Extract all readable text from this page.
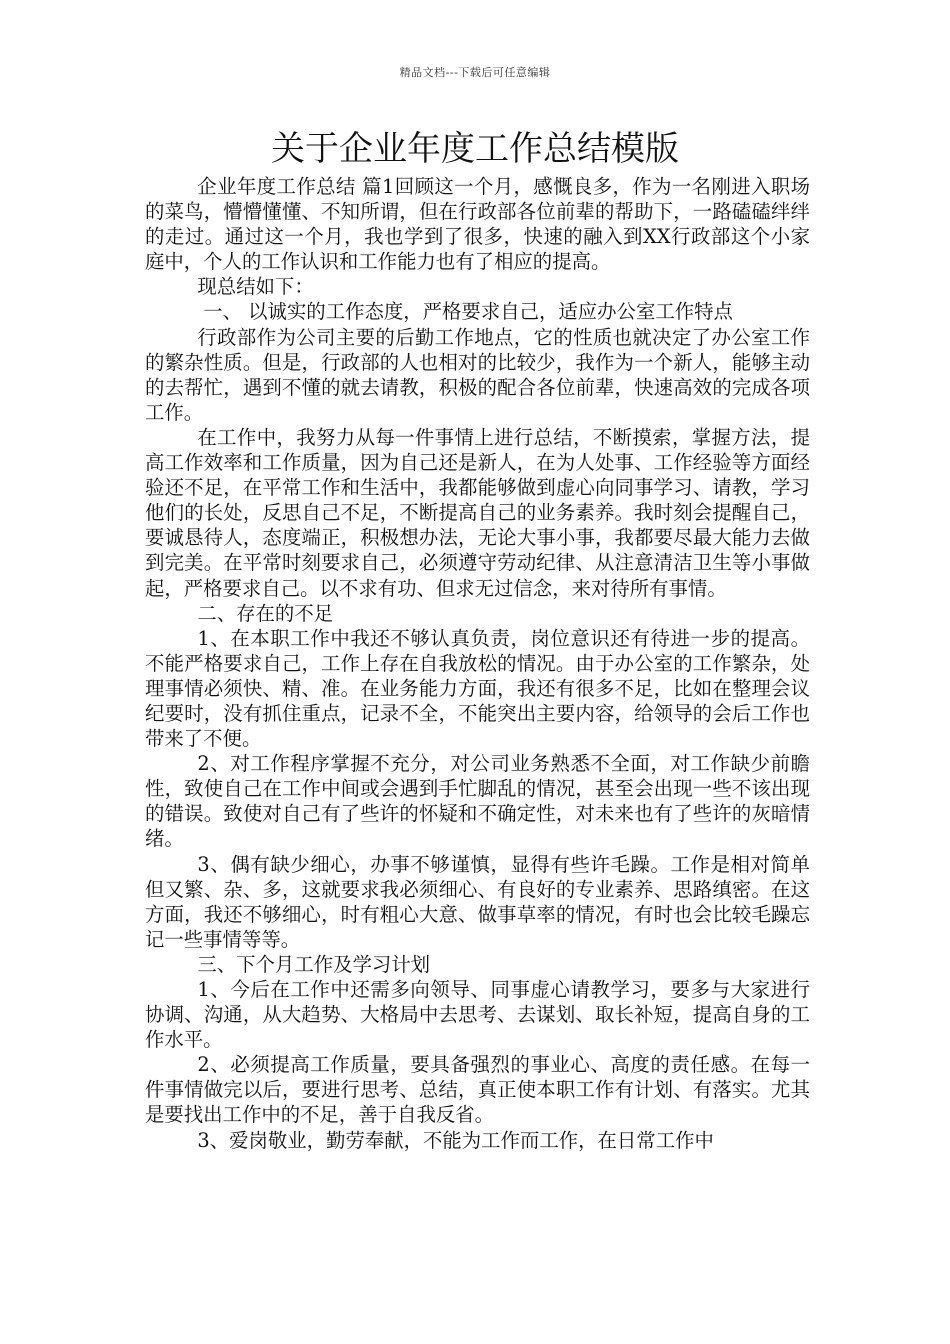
精品文档---下载后可任意编辑
关于企业年度工作总结模版

企业年度工作总结 篇1回顾这一个月，感慨良多，作为一名刚进入职场的菜鸟，懵懵懂懂、不知所谓，但在行政部各位前辈的帮助下，一路磕磕绊绊的走过。通过这一个月，我也学到了很多，快速的融入到XX行政部这个小家庭中，个人的工作认识和工作能力也有了相应的提高。

现总结如下：

一、 以诚实的工作态度，严格要求自己，适应办公室工作特点

行政部作为公司主要的后勤工作地点，它的性质也就决定了办公室工作的繁杂性质。但是，行政部的人也相对的比较少，我作为一个新人，能够主动的去帮忙，遇到不懂的就去请教，积极的配合各位前辈，快速高效的完成各项工作。

在工作中，我努力从每一件事情上进行总结，不断摸索，掌握方法，提高工作效率和工作质量，因为自己还是新人，在为人处事、工作经验等方面经验还不足，在平常工作和生活中，我都能够做到虚心向同事学习、请教，学习他们的长处，反思自己不足，不断提高自己的业务素养。我时刻会提醒自己，要诚恳待人，态度端正，积极想办法，无论大事小事，我都要尽最大能力去做到完美。在平常时刻要求自己，必须遵守劳动纪律、从注意清洁卫生等小事做起，严格要求自己。以不求有功、但求无过信念，来对待所有事情。

二、存在的不足

1、在本职工作中我还不够认真负责，岗位意识还有待进一步的提高。不能严格要求自己，工作上存在自我放松的情况。由于办公室的工作繁杂，处理事情必须快、精、准。在业务能力方面，我还有很多不足，比如在整理会议纪要时，没有抓住重点，记录不全，不能突出主要内容，给领导的会后工作也带来了不便。

2、对工作程序掌握不充分，对公司业务熟悉不全面，对工作缺少前瞻性，致使自己在工作中间或会遇到手忙脚乱的情况，甚至会出现一些不该出现的错误。致使对自己有了些许的怀疑和不确定性，对未来也有了些许的灰暗情绪。

3、偶有缺少细心，办事不够谨慎，显得有些许毛躁。工作是相对简单但又繁、杂、多，这就要求我必须细心、有良好的专业素养、思路缜密。在这方面，我还不够细心，时有粗心大意、做事草率的情况，有时也会比较毛躁忘记一些事情等等。

三、下个月工作及学习计划

1、今后在工作中还需多向领导、同事虚心请教学习，要多与大家进行协调、沟通，从大趋势、大格局中去思考、去谋划、取长补短，提高自身的工作水平。

2、必须提高工作质量，要具备强烈的事业心、高度的责任感。在每一件事情做完以后，要进行思考、总结，真正使本职工作有计划、有落实。尤其是要找出工作中的不足，善于自我反省。

3、爱岗敬业，勤劳奉献，不能为工作而工作，在日常工作中
